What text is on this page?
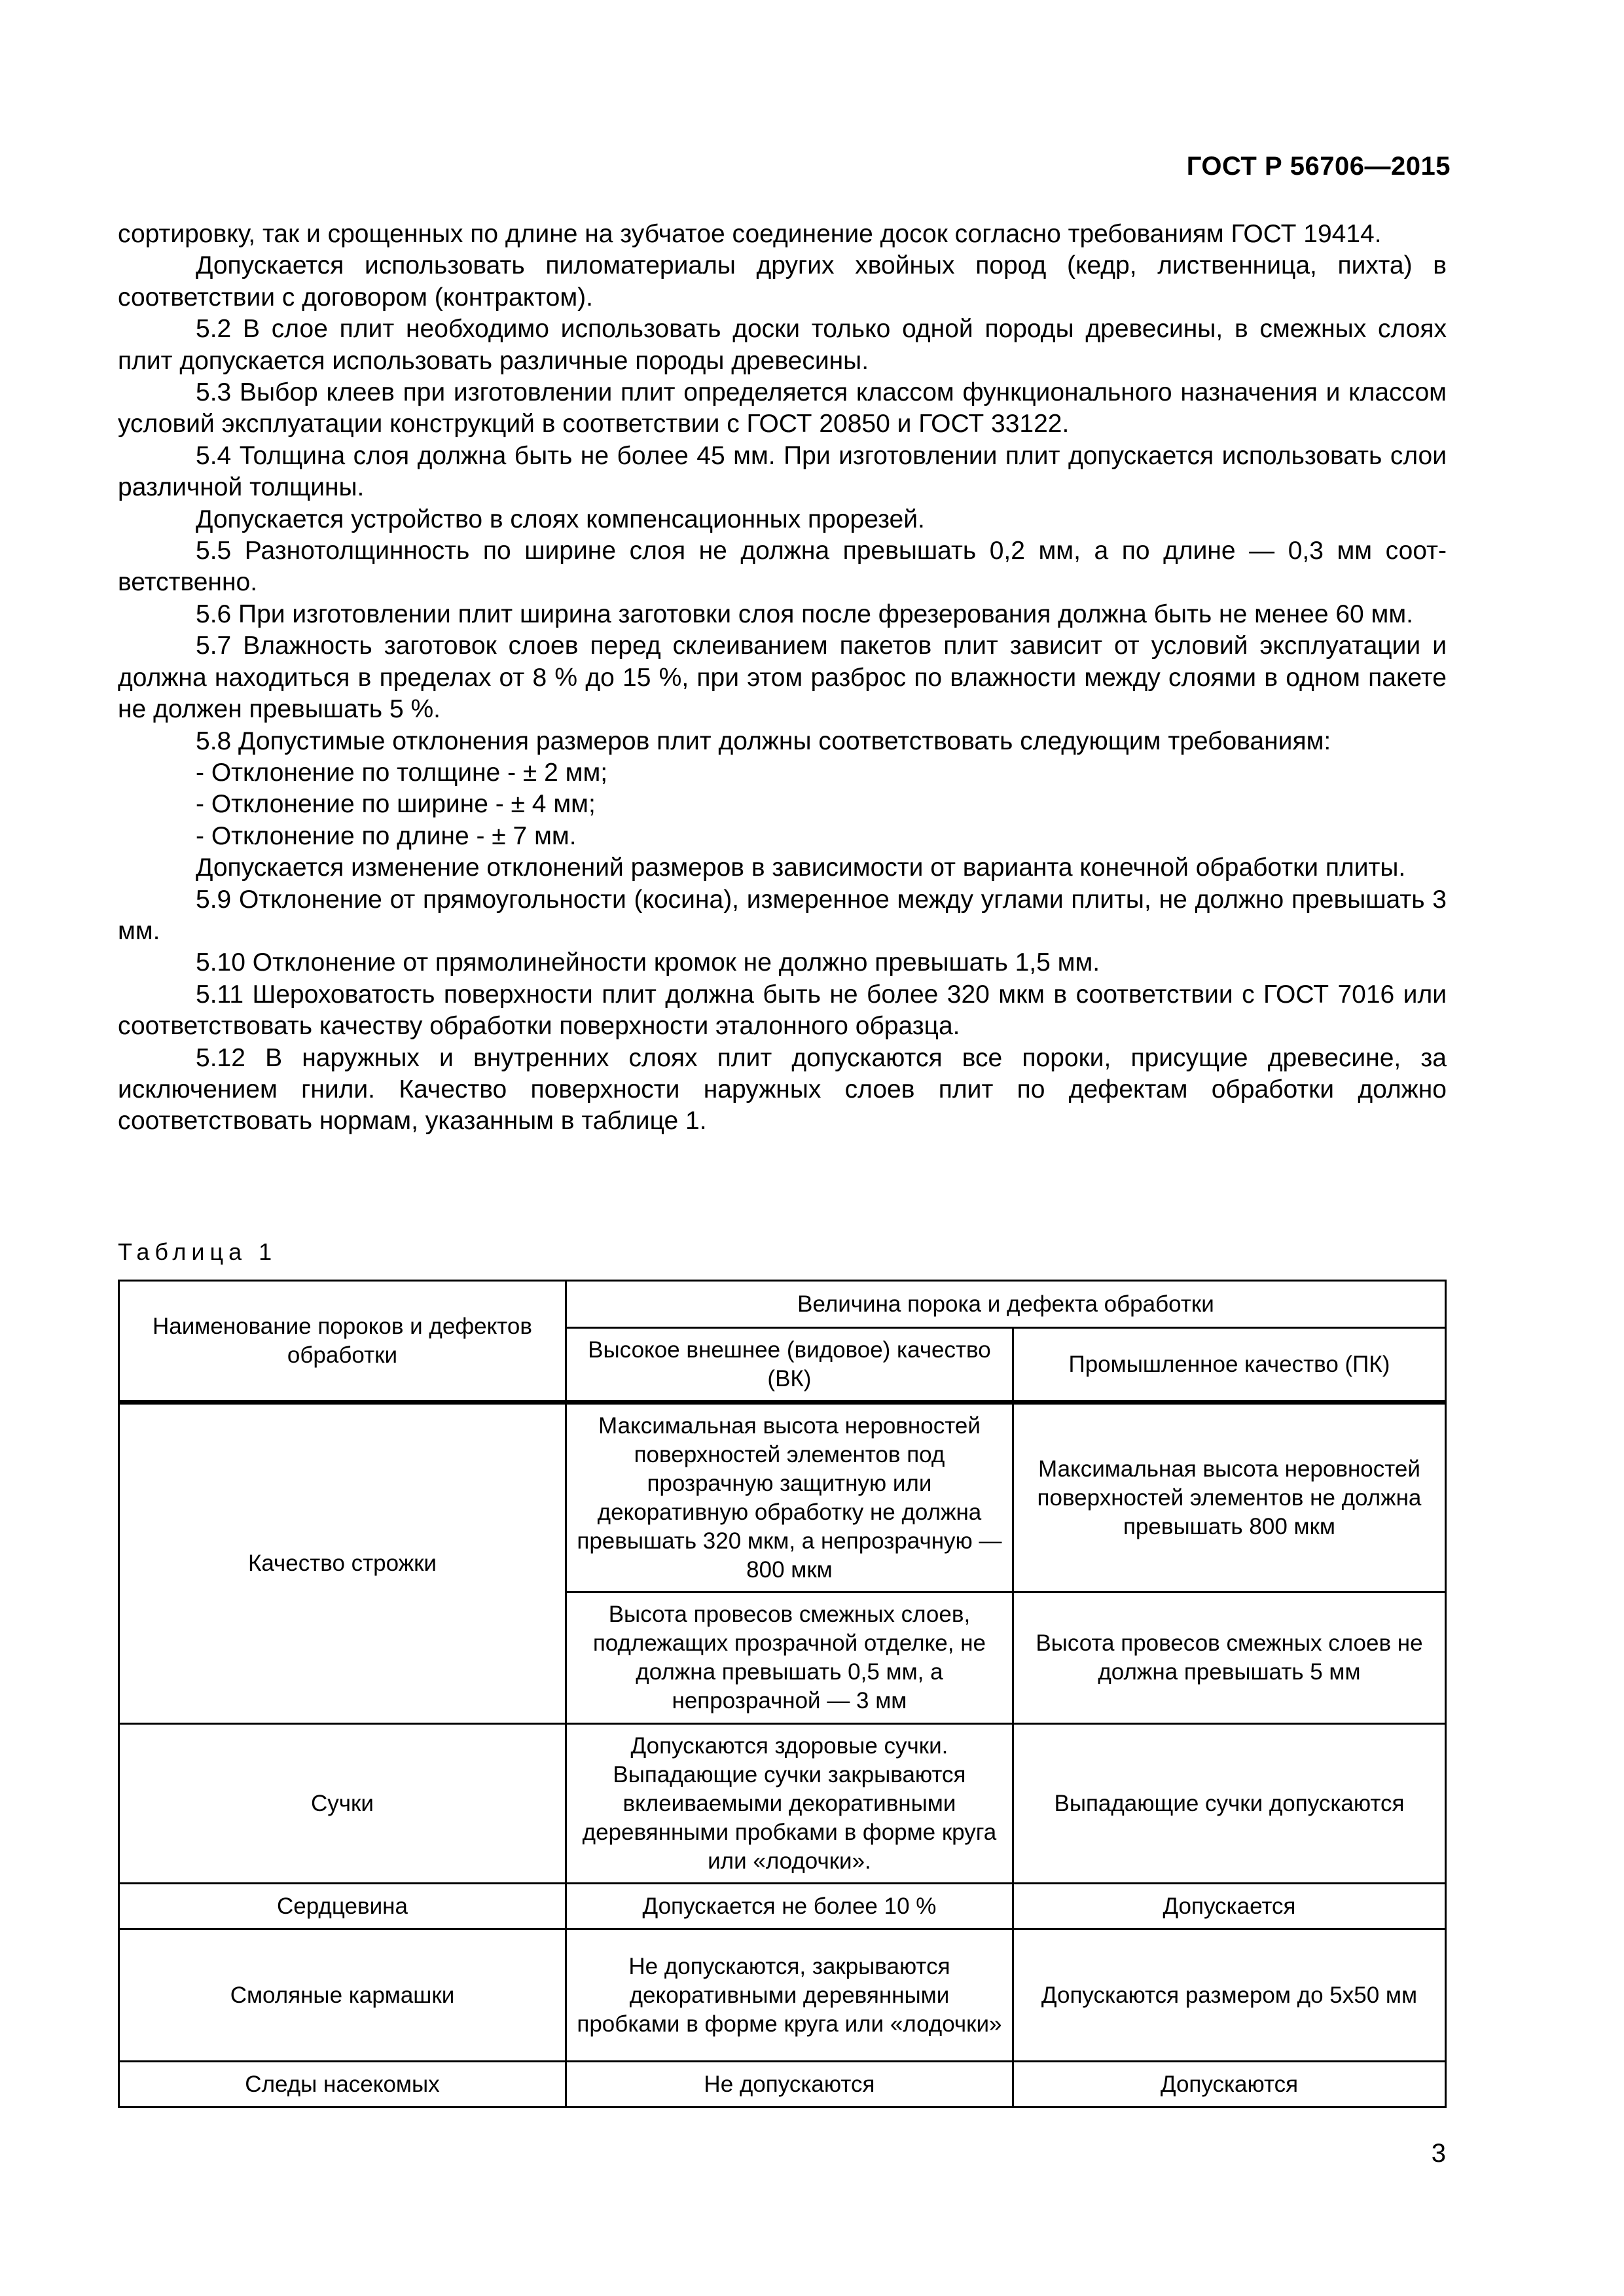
ГОСТ Р 56706—2015

сортировку, так и срощенных по длине на зубчатое соединение досок согласно требованиям ГОСТ 19414.

Допускается использовать пиломатериалы других хвойных пород (кедр, лиственница, пихта) в соответствии с договором (контрактом).

5.2 В слое плит необходимо использовать доски только одной породы древесины, в смежных слоях плит допускается использовать различные породы древесины.

5.3 Выбор клеев при изготовлении плит определяется классом функционального назначения и классом условий эксплуатации конструкций в соответствии с ГОСТ 20850 и ГОСТ 33122.

5.4 Толщина слоя должна быть не более 45 мм. При изготовлении плит допускается использовать слои различной толщины.

Допускается устройство в слоях компенсационных прорезей.

5.5 Разнотолщинность по ширине слоя не должна превышать 0,2 мм, а по длине — 0,3 мм соответственно.

5.6 При изготовлении плит ширина заготовки слоя после фрезерования должна быть не менее 60 мм.

5.7 Влажность заготовок слоев перед склеиванием пакетов плит зависит от условий эксплуатации и должна находиться в пределах от 8 % до 15 %, при этом разброс по влажности между слоями в одном пакете не должен превышать 5 %.

5.8 Допустимые отклонения размеров плит должны соответствовать следующим требованиям:

- Отклонение по толщине - ± 2 мм;

- Отклонение по ширине - ± 4 мм;

- Отклонение по длине - ± 7 мм.

Допускается изменение отклонений размеров в зависимости от варианта конечной обработки плиты.

5.9 Отклонение от прямоугольности (косина), измеренное между углами плиты, не должно превышать 3 мм.

5.10 Отклонение от прямолинейности кромок не должно превышать 1,5 мм.

5.11 Шероховатость поверхности плит должна быть не более 320 мкм в соответствии с ГОСТ 7016 или соответствовать качеству обработки поверхности эталонного образца.

5.12 В наружных и внутренних слоях плит допускаются все пороки, присущие древесине, за исключением гнили. Качество поверхности наружных слоев плит по дефектам обработки должно соответствовать нормам, указанным в таблице 1.

Таблица 1
Наименование пороков и дефектов обработки	Величина порока и дефекта обработки	
	Высокое внешнее (видовое) качество (ВК)	Промышленное качество (ПК)
Качество строжки	Максимальная высота неровностей поверхностей элементов под прозрачную защитную или декоративную обработку не должна превышать 320 мкм, а непрозрачную — 800 мкм	Максимальная высота неровностей поверхностей элементов не должна превышать 800 мкм
	Высота провесов смежных слоев, подлежащих прозрачной отделке, не должна превышать 0,5 мм, а непрозрачной — 3 мм	Высота провесов смежных слоев не должна превышать 5 мм
Сучки	Допускаются здоровые сучки. Выпадающие сучки закрываются вклеиваемыми декоративными деревянными пробками в форме круга или «лодочки».	Выпадающие сучки допускаются
Сердцевина	Допускается не более 10 %	Допускается
Смоляные кармашки	Не допускаются, закрываются декоративными деревянными пробками в форме круга или «лодочки»	Допускаются размером до 5х50 мм
Следы насекомых	Не допускаются	Допускаются
3
